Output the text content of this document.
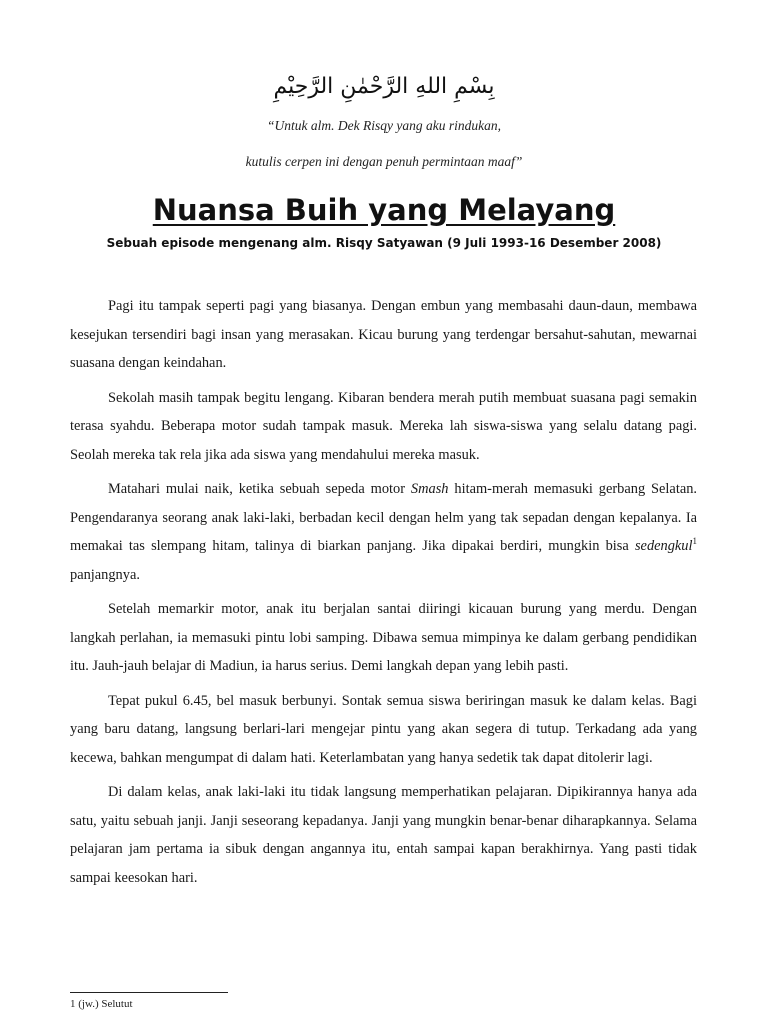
بِسْمِ اللهِ الرَّحْمٰنِ الرَّحِيْمِ
“Untuk alm. Dek Risqy yang aku rindukan,
kutulis cerpen ini dengan penuh permintaan maaf”
Nuansa Buih yang Melayang
Sebuah episode mengenang alm. Risqy Satyawan (9 Juli 1993-16 Desember 2008)

Pagi itu tampak seperti pagi yang biasanya. Dengan embun yang membasahi daun-daun, membawa kesejukan tersendiri bagi insan yang merasakan. Kicau burung yang terdengar bersahut-sahutan, mewarnai suasana dengan keindahan.

Sekolah masih tampak begitu lengang. Kibaran bendera merah putih membuat suasana pagi semakin terasa syahdu. Beberapa motor sudah tampak masuk. Mereka lah siswa-siswa yang selalu datang pagi. Seolah mereka tak rela jika ada siswa yang mendahului mereka masuk.

Matahari mulai naik, ketika sebuah sepeda motor Smash hitam-merah memasuki gerbang Selatan. Pengendaranya seorang anak laki-laki, berbadan kecil dengan helm yang tak sepadan dengan kepalanya. Ia memakai tas slempang hitam, talinya di biarkan panjang. Jika dipakai berdiri, mungkin bisa sedengkul$^1$ panjangnya.

Setelah memarkir motor, anak itu berjalan santai diiringi kicauan burung yang merdu. Dengan langkah perlahan, ia memasuki pintu lobi samping. Dibawa semua mimpinya ke dalam gerbang pendidikan itu. Jauh-jauh belajar di Madiun, ia harus serius. Demi langkah depan yang lebih pasti.

Tepat pukul 6.45, bel masuk berbunyi. Sontak semua siswa beriringan masuk ke dalam kelas. Bagi yang baru datang, langsung berlari-lari mengejar pintu yang akan segera di tutup. Terkadang ada yang kecewa, bahkan mengumpat di dalam hati. Keterlambatan yang hanya sedetik tak dapat ditolerir lagi.

Di dalam kelas, anak laki-laki itu tidak langsung memperhatikan pelajaran. Dipikirannya hanya ada satu, yaitu sebuah janji. Janji seseorang kepadanya. Janji yang mungkin benar-benar diharapkannya. Selama pelajaran jam pertama ia sibuk dengan angannya itu, entah sampai kapan berakhirnya. Yang pasti tidak sampai keesokan hari.

1 (jw.) Selutut
